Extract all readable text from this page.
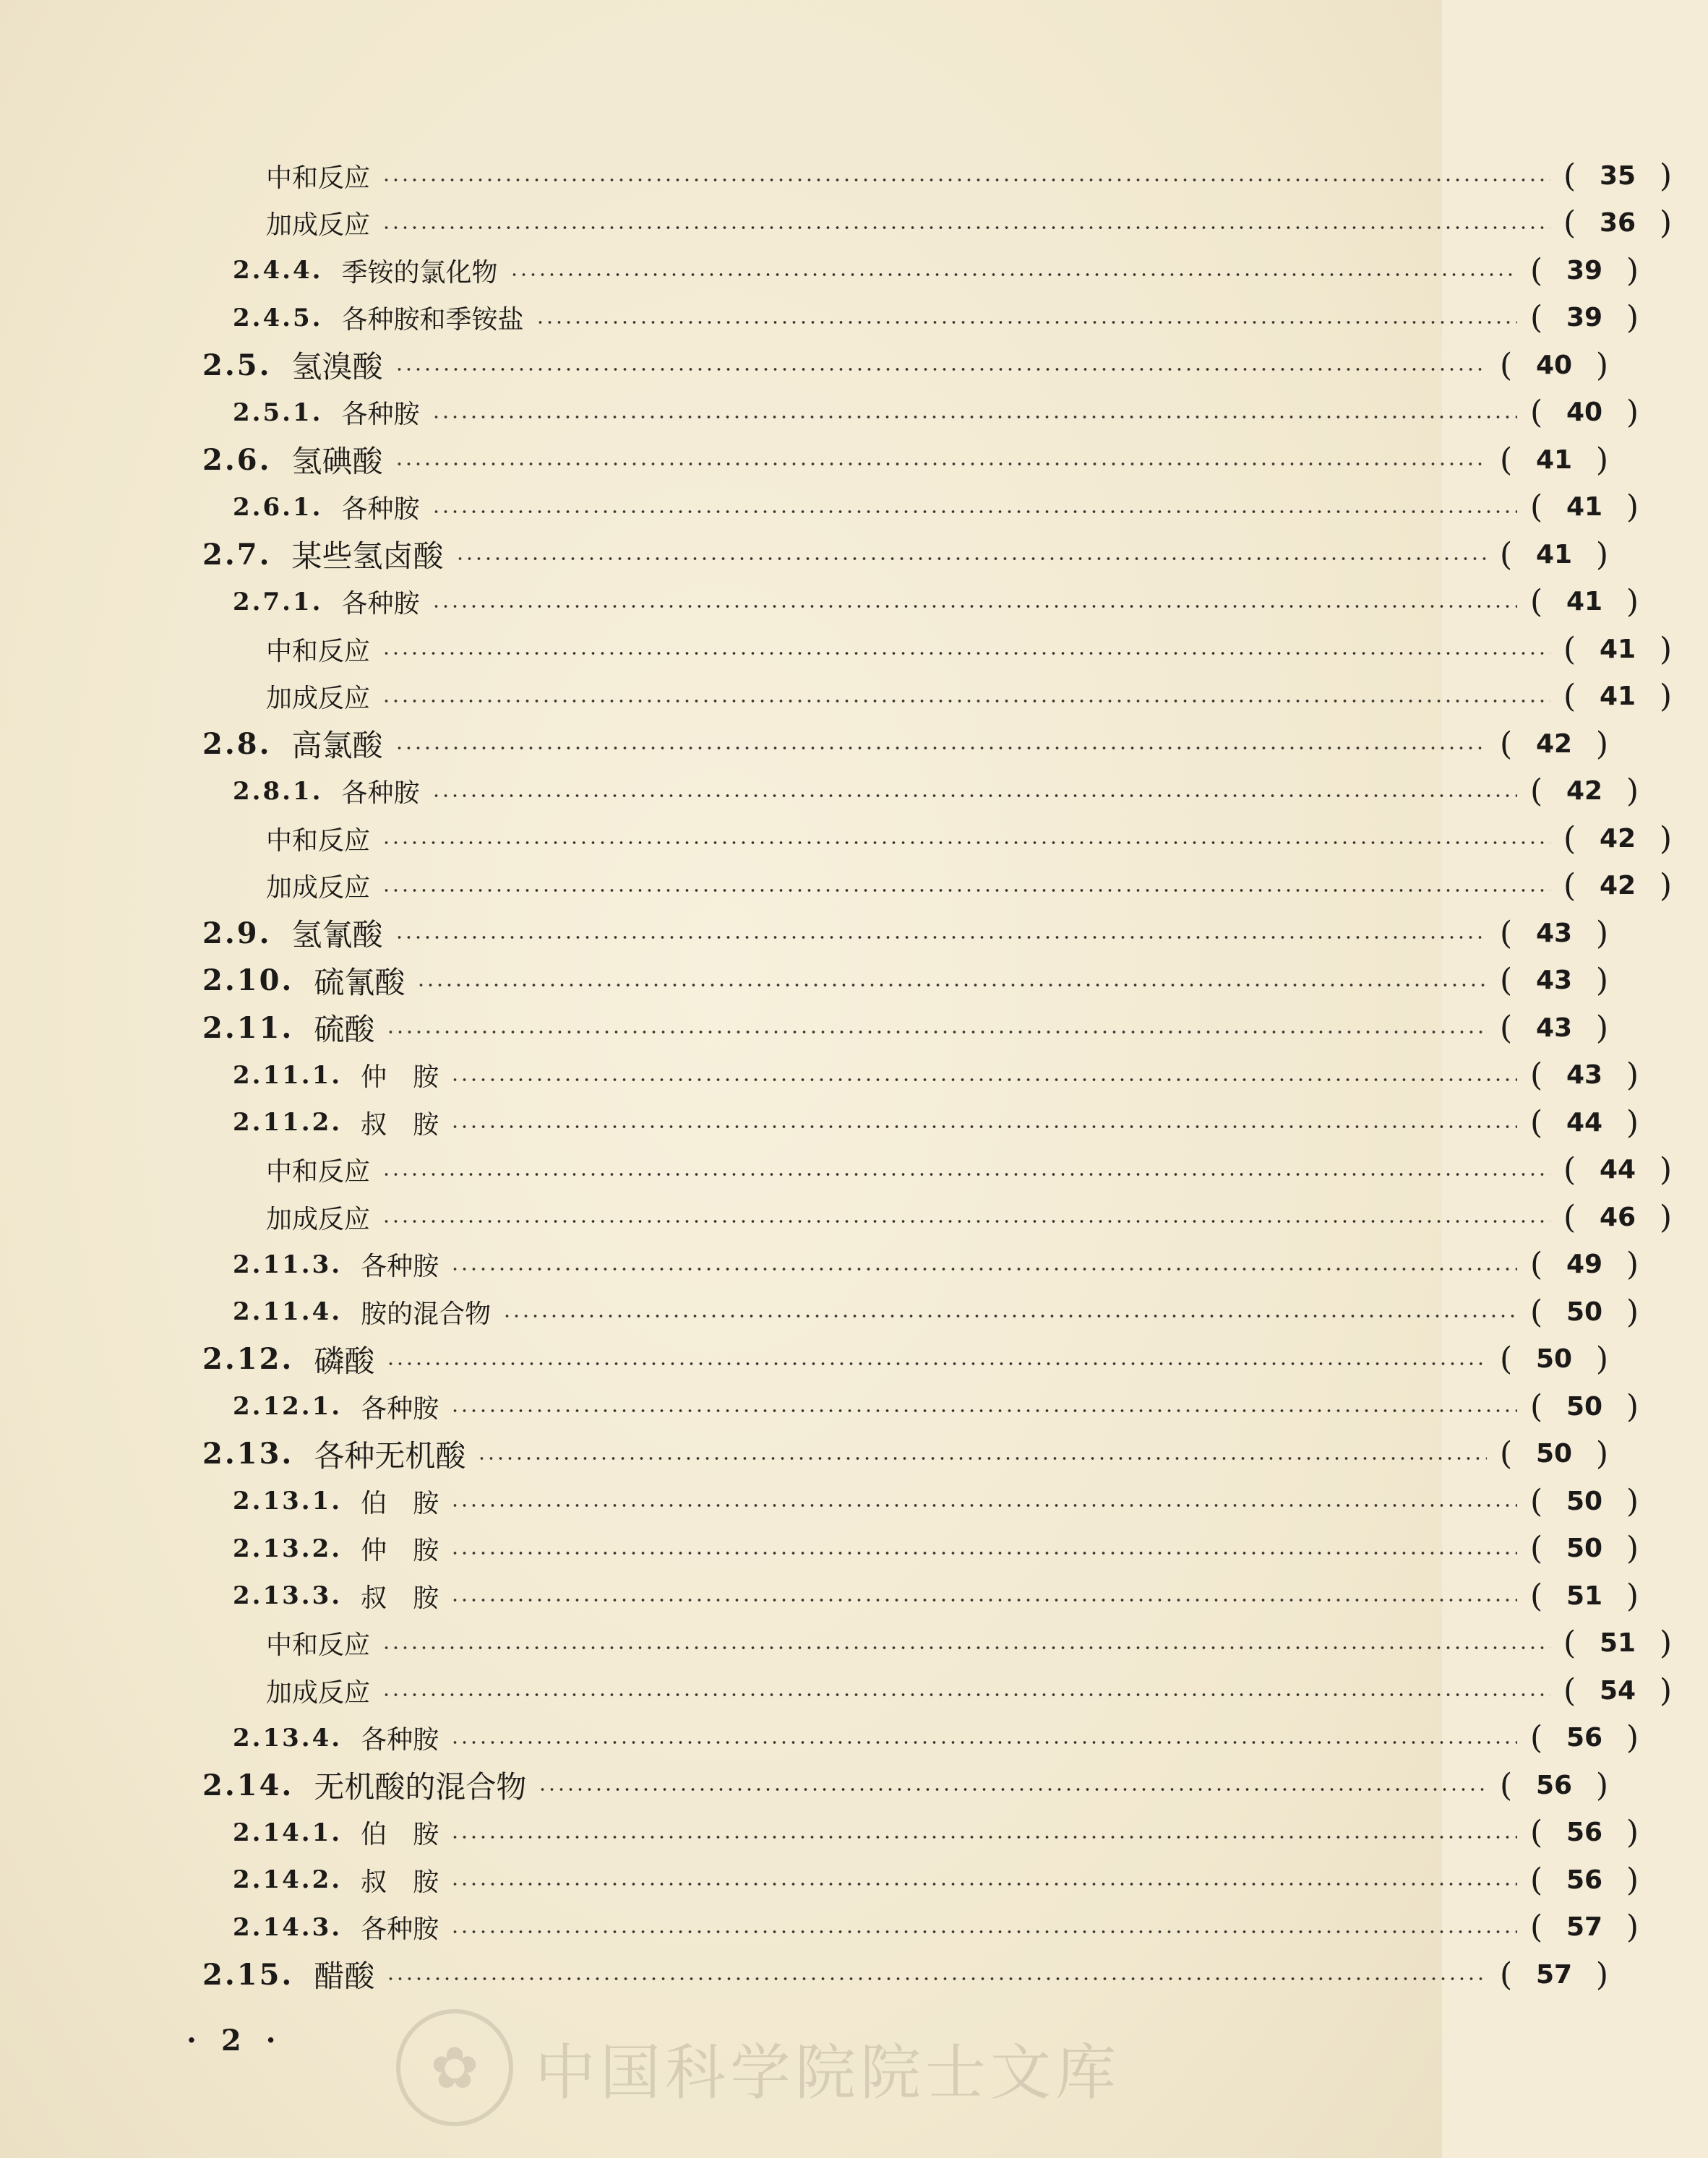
中和反应	( 35 )
加成反应	( 36 )
2.4.4. 季铵的氯化物	( 39 )
2.4.5. 各种胺和季铵盐	( 39 )
2.5. 氢溴酸	( 40 )
2.5.1. 各种胺	( 40 )
2.6. 氢碘酸	( 41 )
2.6.1. 各种胺	( 41 )
2.7. 某些氢卤酸	( 41 )
2.7.1. 各种胺	( 41 )
中和反应	( 41 )
加成反应	( 41 )
2.8. 高氯酸	( 42 )
2.8.1. 各种胺	( 42 )
中和反应	( 42 )
加成反应	( 42 )
2.9. 氢氰酸	( 43 )
2.10. 硫氰酸	( 43 )
2.11. 硫酸	( 43 )
2.11.1. 仲　胺	( 43 )
2.11.2. 叔　胺	( 44 )
中和反应	( 44 )
加成反应	( 46 )
2.11.3. 各种胺	( 49 )
2.11.4. 胺的混合物	( 50 )
2.12. 磷酸	( 50 )
2.12.1. 各种胺	( 50 )
2.13. 各种无机酸	( 50 )
2.13.1. 伯　胺	( 50 )
2.13.2. 仲　胺	( 50 )
2.13.3. 叔　胺	( 51 )
中和反应	( 51 )
加成反应	( 54 )
2.13.4. 各种胺	( 56 )
2.14. 无机酸的混合物	( 56 )
2.14.1. 伯　胺	( 56 )
2.14.2. 叔　胺	( 56 )
2.14.3. 各种胺	( 57 )
2.15. 醋酸	( 57 )
· 2 ·	✿ 中国科学院院士文库
